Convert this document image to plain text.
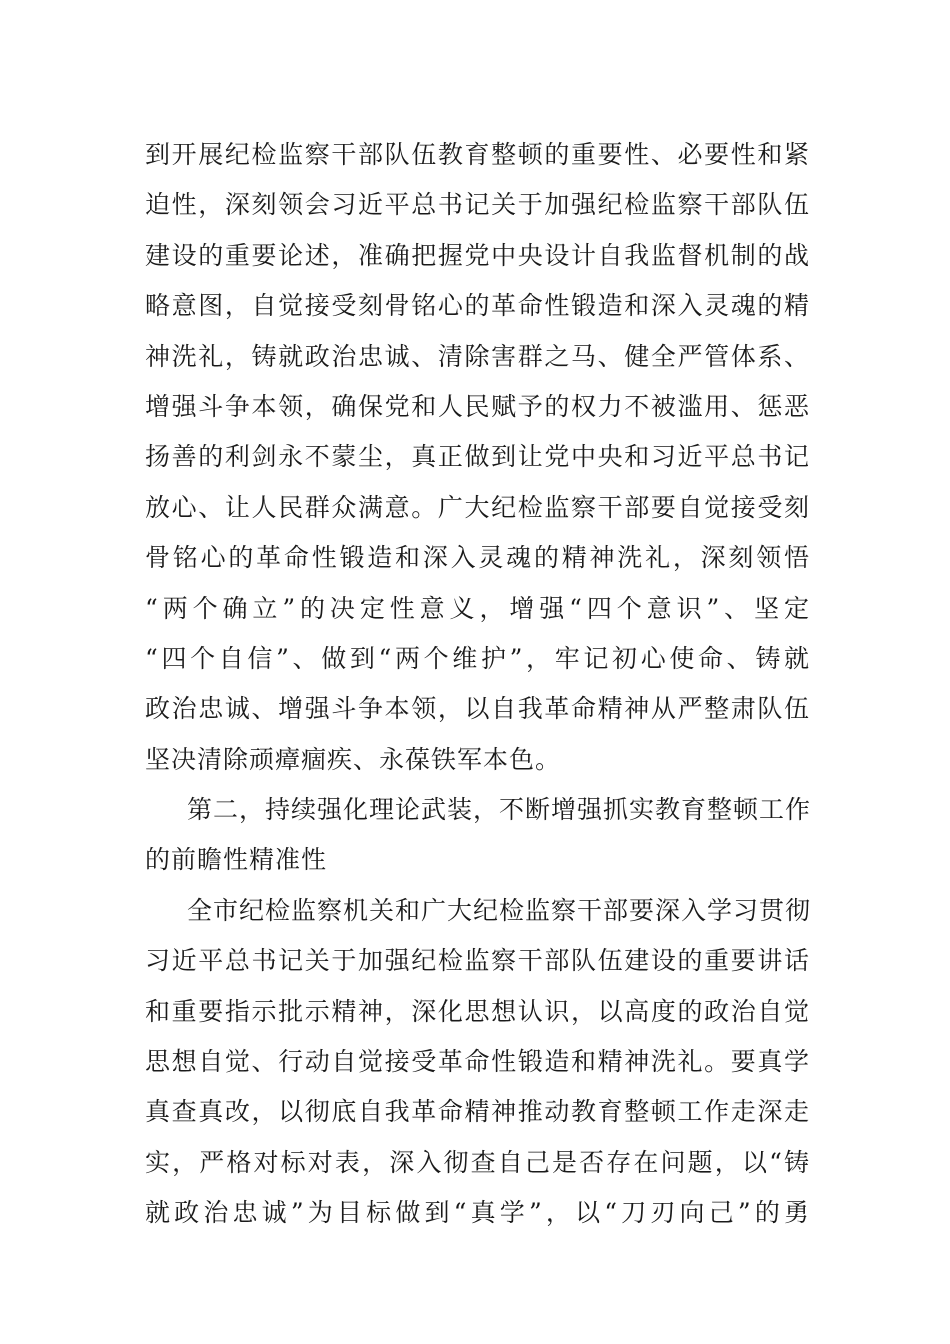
到开展纪检监察干部队伍教育整顿的重要性、必要性和紧
迫性，深刻领会习近平总书记关于加强纪检监察干部队伍
建设的重要论述，准确把握党中央设计自我监督机制的战
略意图，自觉接受刻骨铭心的革命性锻造和深入灵魂的精
神洗礼，铸就政治忠诚、清除害群之马、健全严管体系、
增强斗争本领，确保党和人民赋予的权力不被滥用、惩恶
扬善的利剑永不蒙尘，真正做到让党中央和习近平总书记
放心、让人民群众满意。广大纪检监察干部要自觉接受刻
骨铭心的革命性锻造和深入灵魂的精神洗礼，深刻领悟
“两个确立”的决定性意义，增强“四个意识”、坚定
“四个自信”、做到“两个维护”，牢记初心使命、铸就
政治忠诚、增强斗争本领，以自我革命精神从严整肃队伍
坚决清除顽瘴痼疾、永葆铁军本色。
第二，持续强化理论武装，不断增强抓实教育整顿工作
的前瞻性精准性
全市纪检监察机关和广大纪检监察干部要深入学习贯彻
习近平总书记关于加强纪检监察干部队伍建设的重要讲话
和重要指示批示精神，深化思想认识，以高度的政治自觉
思想自觉、行动自觉接受革命性锻造和精神洗礼。要真学
真查真改，以彻底自我革命精神推动教育整顿工作走深走
实，严格对标对表，深入彻查自己是否存在问题，以“铸
就政治忠诚”为目标做到“真学”，以“刀刃向己”的勇
